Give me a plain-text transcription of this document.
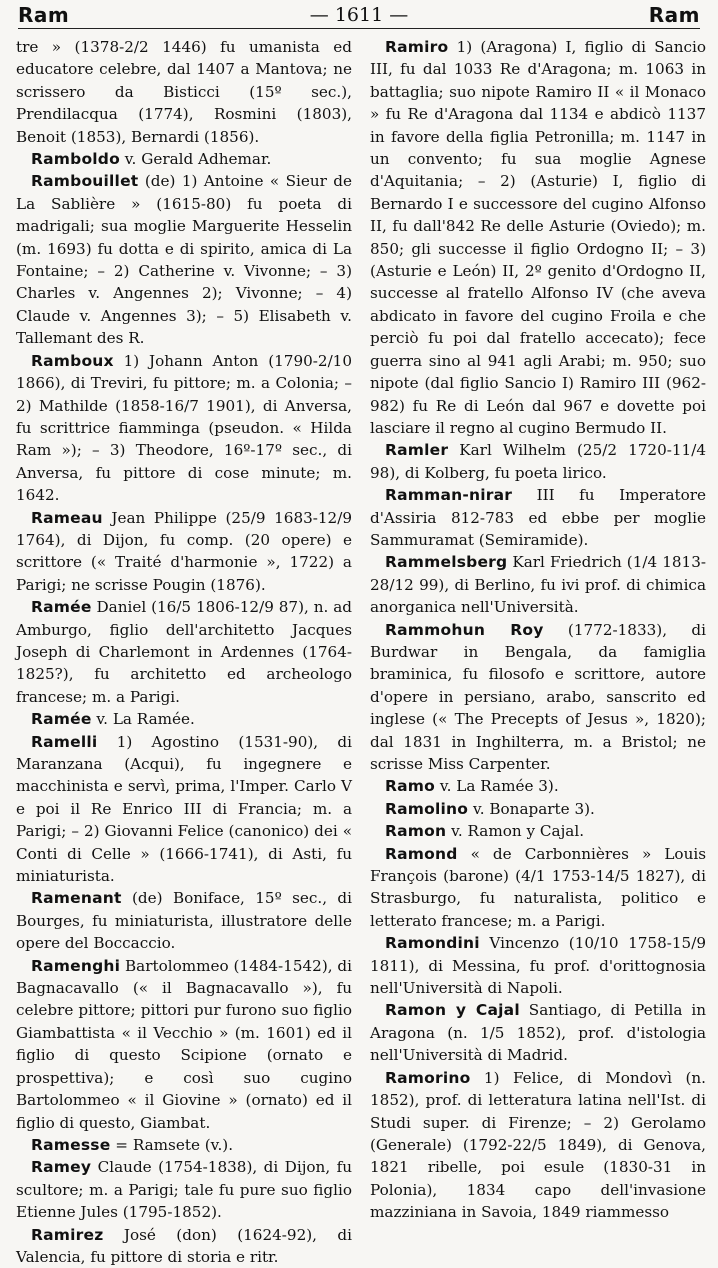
Ram	— 1611 —	Ram

tre » (1378-2/2 1446) fu umanista ed educatore celebre, dal 1407 a Mantova; ne scrissero da Bisticci (15º sec.), Prendilacqua (1774), Rosmini (1803), Benoit (1853), Bernardi (1856).

Ramboldo v. Gerald Adhemar.

Rambouillet (de) 1) Antoine « Sieur de La Sablière » (1615-80) fu poeta di madrigali; sua moglie Marguerite Hesselin (m. 1693) fu dotta e di spirito, amica di La Fontaine; – 2) Catherine v. Vivonne; – 3) Charles v. Angennes 2); Vivonne; – 4) Claude v. Angennes 3); – 5) Elisabeth v. Tallemant des R.

Ramboux 1) Johann Anton (1790-2/10 1866), di Treviri, fu pittore; m. a Colonia; – 2) Mathilde (1858-16/7 1901), di Anversa, fu scrittrice fiamminga (pseudon. « Hilda Ram »); – 3) Theodore, 16º-17º sec., di Anversa, fu pittore di cose minute; m. 1642.

Rameau Jean Philippe (25/9 1683-12/9 1764), di Dijon, fu comp. (20 opere) e scrittore (« Traité d'harmonie », 1722) a Parigi; ne scrisse Pougin (1876).

Ramée Daniel (16/5 1806-12/9 87), n. ad Amburgo, figlio dell'architetto Jacques Joseph di Charlemont in Ardennes (1764-1825?), fu architetto ed archeologo francese; m. a Parigi.

Ramée v. La Ramée.

Ramelli 1) Agostino (1531-90), di Maranzana (Acqui), fu ingegnere e macchinista e servì, prima, l'Imper. Carlo V e poi il Re Enrico III di Francia; m. a Parigi; – 2) Giovanni Felice (canonico) dei « Conti di Celle » (1666-1741), di Asti, fu miniaturista.

Ramenant (de) Boniface, 15º sec., di Bourges, fu miniaturista, illustratore delle opere del Boccaccio.

Ramenghi Bartolommeo (1484-1542), di Bagnacavallo (« il Bagnacavallo »), fu celebre pittore; pittori pur furono suo figlio Giambattista « il Vecchio » (m. 1601) ed il figlio di questo Scipione (ornato e prospettiva); e così suo cugino Bartolommeo « il Giovine » (ornato) ed il figlio di questo, Giambat.

Ramesse = Ramsete (v.).

Ramey Claude (1754-1838), di Dijon, fu scultore; m. a Parigi; tale fu pure suo figlio Etienne Jules (1795-1852).

Ramirez José (don) (1624-92), di Valencia, fu pittore di storia e ritr.

Ramiro 1) (Aragona) I, figlio di Sancio III, fu dal 1033 Re d'Aragona; m. 1063 in battaglia; suo nipote Ramiro II « il Monaco » fu Re d'Aragona dal 1134 e abdicò 1137 in favore della figlia Petronilla; m. 1147 in un convento; fu sua moglie Agnese d'Aquitania; – 2) (Asturie) I, figlio di Bernardo I e successore del cugino Alfonso II, fu dall'842 Re delle Asturie (Oviedo); m. 850; gli successe il figlio Ordogno II; – 3) (Asturie e León) II, 2º genito d'Ordogno II, successe al fratello Alfonso IV (che aveva abdicato in favore del cugino Froila e che perciò fu poi dal fratello accecato); fece guerra sino al 941 agli Arabi; m. 950; suo nipote (dal figlio Sancio I) Ramiro III (962-982) fu Re di León dal 967 e dovette poi lasciare il regno al cugino Bermudo II.

Ramler Karl Wilhelm (25/2 1720-11/4 98), di Kolberg, fu poeta lirico.

Ramman-nirar III fu Imperatore d'Assiria 812-783 ed ebbe per moglie Sammuramat (Semiramide).

Rammelsberg Karl Friedrich (1/4 1813-28/12 99), di Berlino, fu ivi prof. di chimica anorganica nell'Università.

Rammohun Roy (1772-1833), di Burdwar in Bengala, da famiglia braminica, fu filosofo e scrittore, autore d'opere in persiano, arabo, sanscrito ed inglese (« The Precepts of Jesus », 1820); dal 1831 in Inghilterra, m. a Bristol; ne scrisse Miss Carpenter.

Ramo v. La Ramée 3).

Ramolino v. Bonaparte 3).

Ramon v. Ramon y Cajal.

Ramond « de Carbonnières » Louis François (barone) (4/1 1753-14/5 1827), di Strasburgo, fu naturalista, politico e letterato francese; m. a Parigi.

Ramondini Vincenzo (10/10 1758-15/9 1811), di Messina, fu prof. d'orittognosia nell'Università di Napoli.

Ramon y Cajal Santiago, di Petilla in Aragona (n. 1/5 1852), prof. d'istologia nell'Università di Madrid.

Ramorino 1) Felice, di Mondovì (n. 1852), prof. di letteratura latina nell'Ist. di Studi super. di Firenze; – 2) Gerolamo (Generale) (1792-22/5 1849), di Genova, 1821 ribelle, poi esule (1830-31 in Polonia), 1834 capo dell'invasione mazziniana in Savoia, 1849 riammesso
